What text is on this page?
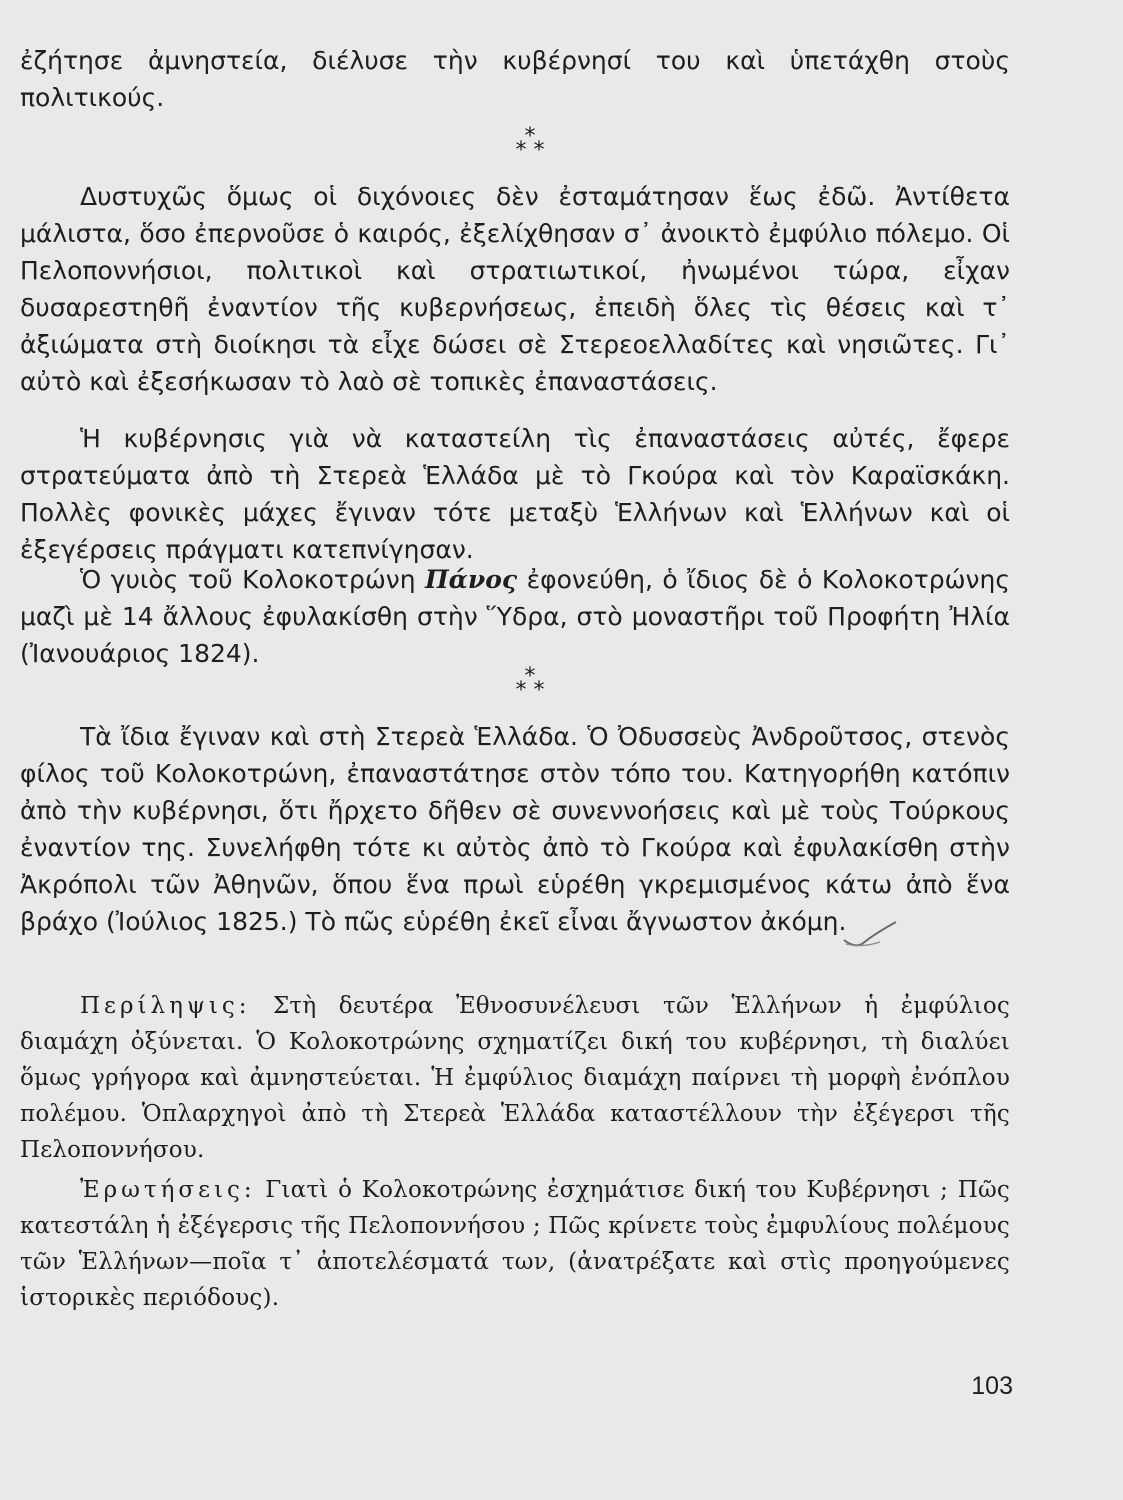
ἐζήτησε ἀμνηστεία, διέλυσε τὴν κυβέρνησί του καὶ ὑπετάχθη στοὺς πολιτικούς.

*
* *

Δυστυχῶς ὅμως οἱ διχόνοιες δὲν ἐσταμάτησαν ἕως ἐδῶ. Ἀντίθετα μάλιστα, ὅσο ἐπερνοῦσε ὁ καιρός, ἐξελίχθησαν σ᾿ ἀνοικτὸ ἐμφύλιο πόλεμο. Οἱ Πελοποννήσιοι, πολιτικοὶ καὶ στρατιωτικοί, ἠνωμένοι τώρα, εἶχαν δυσαρεστηθῆ ἐναντίον τῆς κυβερνήσεως, ἐπειδὴ ὅλες τὶς θέσεις καὶ τ᾿ ἀξιώματα στὴ διοίκησι τὰ εἶχε δώσει σὲ Στερεοελλαδίτες καὶ νησιῶτες. Γι᾿ αὐτὸ καὶ ἐξεσήκωσαν τὸ λαὸ σὲ τοπικὲς ἐπαναστάσεις.

Ἡ κυβέρνησις γιὰ νὰ καταστείλη τὶς ἐπαναστάσεις αὐτές, ἔφερε στρατεύματα ἀπὸ τὴ Στερεὰ Ἑλλάδα μὲ τὸ Γκούρα καὶ τὸν Καραϊσκάκη. Πολλὲς φονικὲς μάχες ἔγιναν τότε μεταξὺ Ἑλλήνων καὶ Ἑλλήνων καὶ οἱ ἐξεγέρσεις πράγματι κατεπνίγησαν.

Ὁ γυιὸς τοῦ Κολοκοτρώνη Πάνος ἐφονεύθη, ὁ ἴδιος δὲ ὁ Κολοκοτρώνης μαζὶ μὲ 14 ἄλλους ἐφυλακίσθη στὴν Ὕδρα, στὸ μοναστῆρι τοῦ Προφήτη Ἠλία (Ἰανουάριος 1824).

*
* *

Τὰ ἴδια ἔγιναν καὶ στὴ Στερεὰ Ἑλλάδα. Ὁ Ὀδυσσεὺς Ἀνδροῦτσος, στενὸς φίλος τοῦ Κολοκοτρώνη, ἐπαναστάτησε στὸν τόπο του. Κατηγορήθη κατόπιν ἀπὸ τὴν κυβέρνησι, ὅτι ἤρχετο δῆθεν σὲ συνεννοήσεις καὶ μὲ τοὺς Τούρκους ἐναντίον της. Συνελήφθη τότε κι αὐτὸς ἀπὸ τὸ Γκούρα καὶ ἐφυλακίσθη στὴν Ἀκρόπολι τῶν Ἀθηνῶν, ὅπου ἕνα πρωὶ εὑρέθη γκρεμισμένος κάτω ἀπὸ ἕνα βράχο (Ἰούλιος 1825.) Τὸ πῶς εὑρέθη ἐκεῖ εἶναι ἄγνωστον ἀκόμη.

Περίληψις: Στὴ δευτέρα Ἐθνοσυνέλευσι τῶν Ἑλλήνων ἡ ἐμφύλιος διαμάχη ὀξύνεται. Ὁ Κολοκοτρώνης σχηματίζει δική του κυβέρνησι, τὴ διαλύει ὅμως γρήγορα καὶ ἀμνηστεύεται. Ἡ ἐμφύλιος διαμάχη παίρνει τὴ μορφὴ ἐνόπλου πολέμου. Ὁπλαρχηγοὶ ἀπὸ τὴ Στερεὰ Ἑλλάδα καταστέλλουν τὴν ἐξέγερσι τῆς Πελοποννήσου.

Ἐρωτήσεις: Γιατὶ ὁ Κολοκοτρώνης ἐσχημάτισε δική του Κυβέρνησι ; Πῶς κατεστάλη ἡ ἐξέγερσις τῆς Πελοποννήσου ; Πῶς κρίνετε τοὺς ἐμφυλίους πολέμους τῶν Ἑλλήνων—ποῖα τ᾿ ἀποτελέσματά των, (ἀνατρέξατε καὶ στὶς προηγούμενες ἱστορικὲς περιόδους).

103
